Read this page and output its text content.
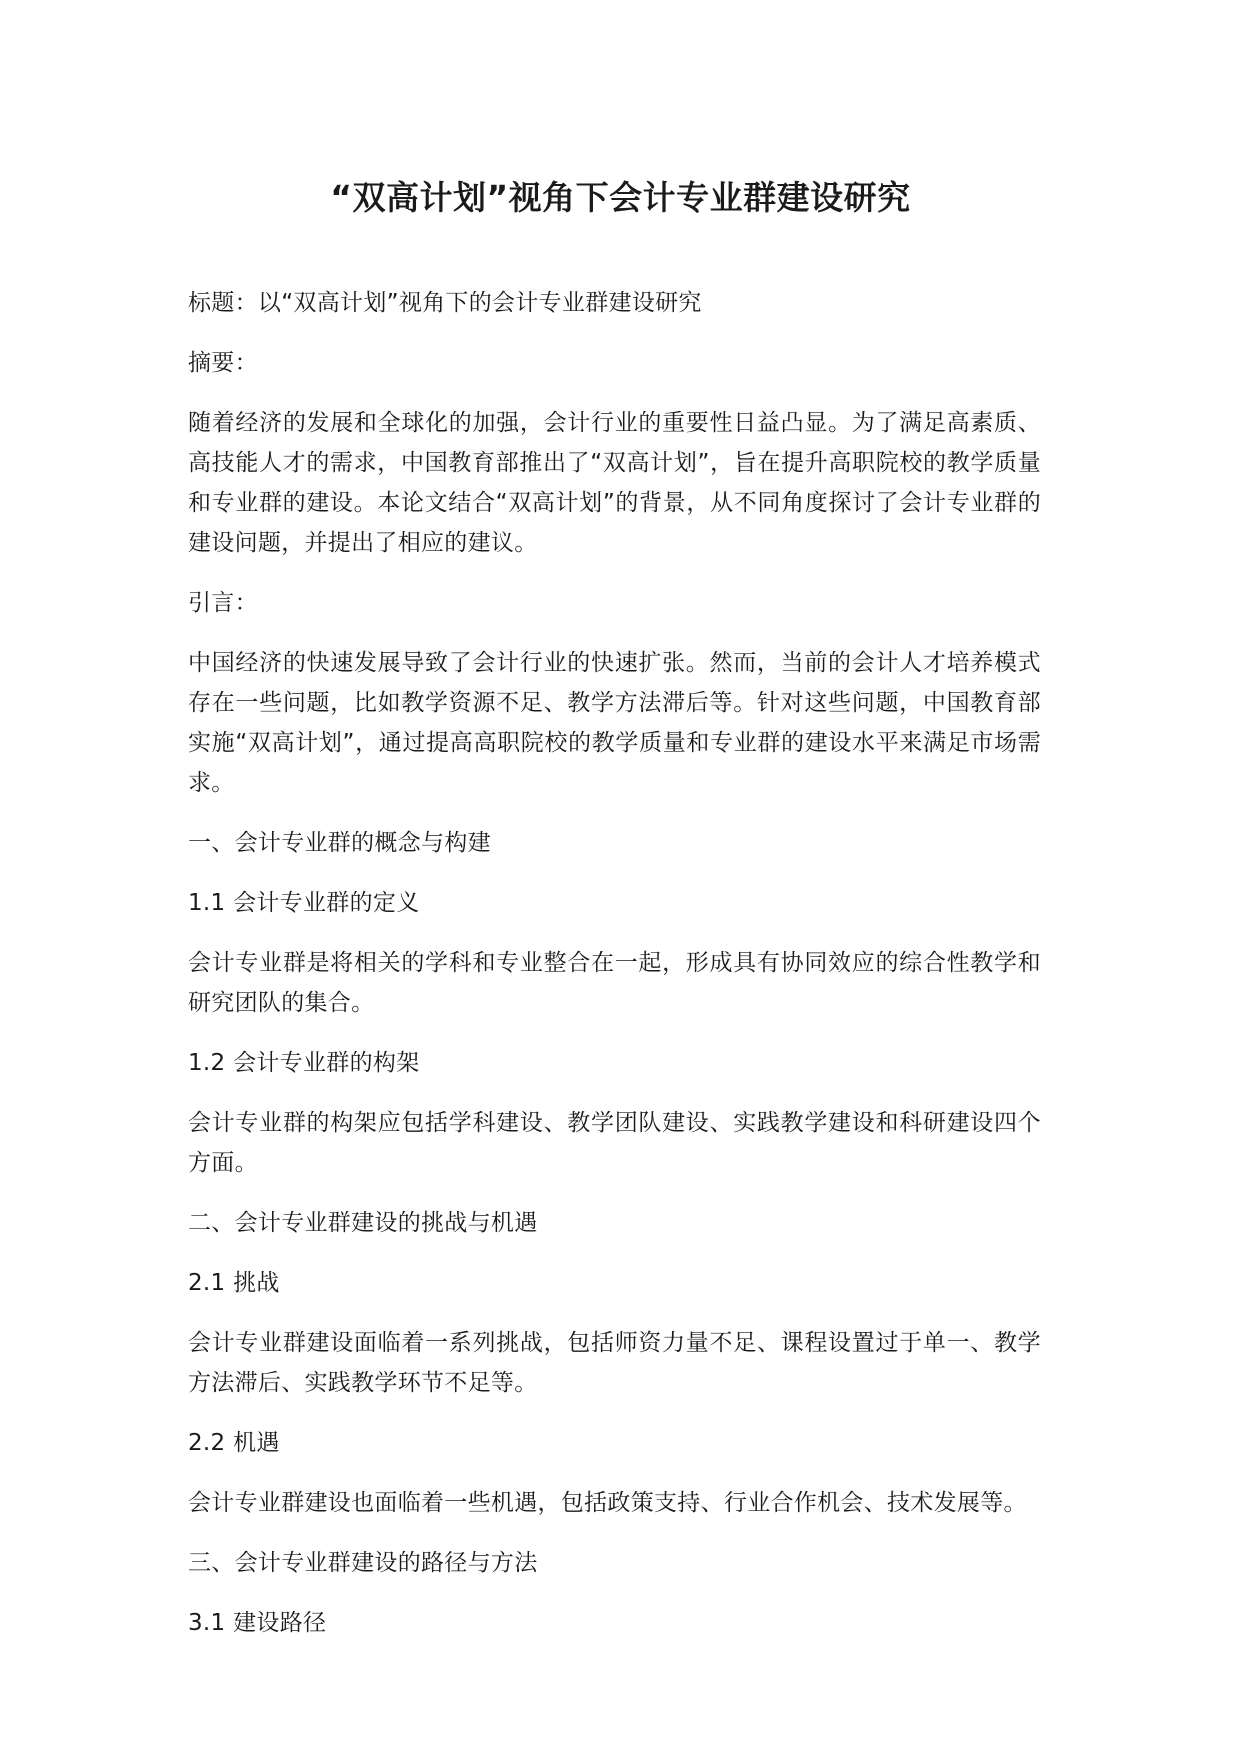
“双高计划”视角下会计专业群建设研究

标题：以“双高计划”视角下的会计专业群建设研究

摘要：

随着经济的发展和全球化的加强，会计行业的重要性日益凸显。为了满足高素质、高技能人才的需求，中国教育部推出了“双高计划”，旨在提升高职院校的教学质量和专业群的建设。本论文结合“双高计划”的背景，从不同角度探讨了会计专业群的建设问题，并提出了相应的建议。

引言：

中国经济的快速发展导致了会计行业的快速扩张。然而，当前的会计人才培养模式存在一些问题，比如教学资源不足、教学方法滞后等。针对这些问题，中国教育部实施“双高计划”，通过提高高职院校的教学质量和专业群的建设水平来满足市场需求。

一、会计专业群的概念与构建

1.1 会计专业群的定义

会计专业群是将相关的学科和专业整合在一起，形成具有协同效应的综合性教学和研究团队的集合。

1.2 会计专业群的构架

会计专业群的构架应包括学科建设、教学团队建设、实践教学建设和科研建设四个方面。

二、会计专业群建设的挑战与机遇

2.1 挑战

会计专业群建设面临着一系列挑战，包括师资力量不足、课程设置过于单一、教学方法滞后、实践教学环节不足等。

2.2 机遇

会计专业群建设也面临着一些机遇，包括政策支持、行业合作机会、技术发展等。

三、会计专业群建设的路径与方法

3.1 建设路径
